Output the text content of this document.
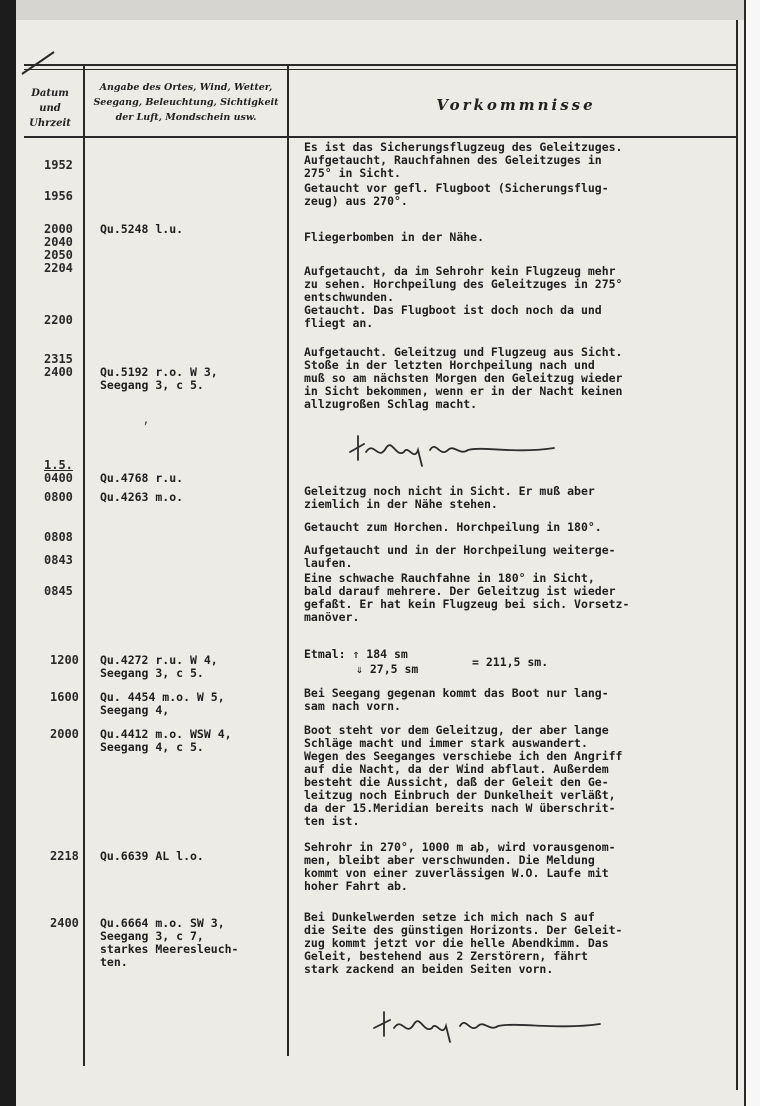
Datum
und
Uhrzeit
Angabe des Ortes, Wind, Wetter,
Seegang, Beleuchtung, Sichtigkeit
der Luft, Mondschein usw.
Vorkommnisse
1952
1956
2000
2040
2050
2204
2200
2315
2400
1.5.
0400
0800
0808
0843
0845
1200
1600
2000
2218
2400
Qu.5248 l.u.
Qu.5192 r.o. W 3,
Seegang 3, c 5.
’
Qu.4768 r.u.
Qu.4263 m.o.
Qu.4272 r.u. W 4,
Seegang 3, c 5.
Qu. 4454 m.o. W 5,
Seegang 4,
Qu.4412 m.o. WSW 4,
Seegang 4, c 5.
Qu.6639 AL l.o.
Qu.6664 m.o. SW 3,
Seegang 3, c 7,
starkes Meeresleuch-
ten.
Es ist das Sicherungsflugzeug des Geleitzuges.
Aufgetaucht, Rauchfahnen des Geleitzuges in
275° in Sicht.
Getaucht vor gefl. Flugboot (Sicherungsflug-
zeug) aus 270°.
Fliegerbomben in der Nähe.
Aufgetaucht, da im Sehrohr kein Flugzeug mehr
zu sehen. Horchpeilung des Geleitzuges in 275°
entschwunden.
Getaucht. Das Flugboot ist doch noch da und
fliegt an.
Aufgetaucht. Geleitzug und Flugzeug aus Sicht.
Stoße in der letzten Horchpeilung nach und
muß so am nächsten Morgen den Geleitzug wieder
in Sicht bekommen, wenn er in der Nacht keinen
allzugroßen Schlag macht.
Geleitzug noch nicht in Sicht. Er muß aber
ziemlich in der Nähe stehen.
Getaucht zum Horchen. Horchpeilung in 180°.
Aufgetaucht und in der Horchpeilung weitergе-
laufen.
Eine schwache Rauchfahne in 180° in Sicht,
bald darauf mehrere. Der Geleitzug ist wieder
gefaßt. Er hat kein Flugzeug bei sich. Vorsetz-
manöver.
Etmal: ⇑ 184 sm
⇓ 27,5 sm	= 211,5 sm.
Bei Seegang gegenan kommt das Boot nur lang-
sam nach vorn.
Boot steht vor dem Geleitzug, der aber lange
Schläge macht und immer stark auswandert.
Wegen des Seeganges verschiebe ich den Angriff
auf die Nacht, da der Wind abflaut. Außerdem
besteht die Aussicht, daß der Geleit den Ge-
leitzug noch Einbruch der Dunkelheit verläßt,
da der 15.Meridian bereits nach W überschrit-
ten ist.
Sehrohr in 270°, 1000 m ab, wird vorausgenom-
men, bleibt aber verschwunden. Die Meldung
kommt von einer zuverlässigen W.O. Laufe mit
hoher Fahrt ab.
Bei Dunkelwerden setze ich mich nach S auf
die Seite des günstigen Horizonts. Der Geleit-
zug kommt jetzt vor die helle Abendkimm. Das
Geleit, bestehend aus 2 Zerstörern, fährt
stark zackend an beiden Seiten vorn.
